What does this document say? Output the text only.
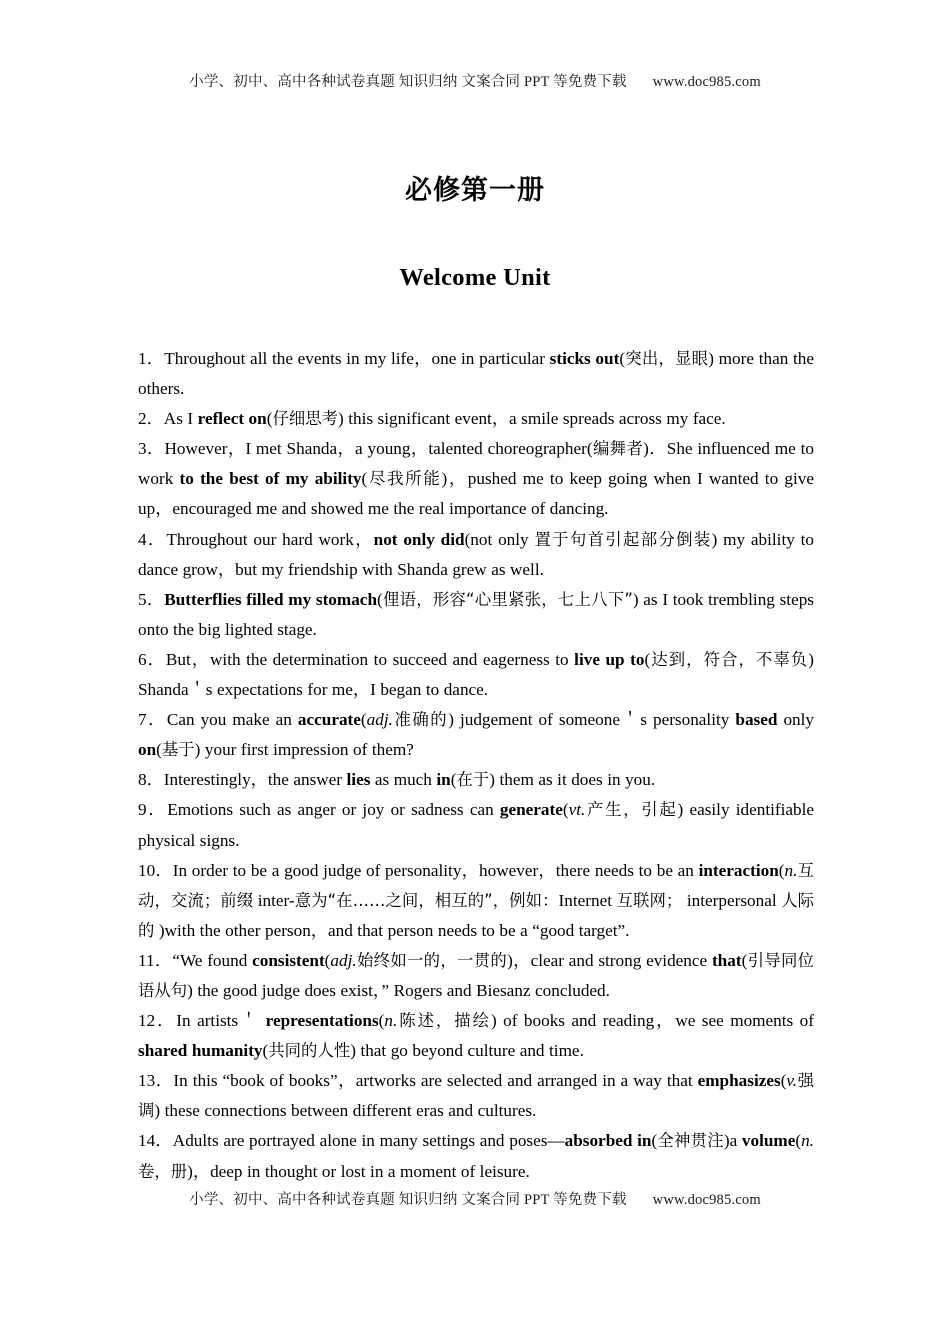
小学、初中、高中各种试卷真题 知识归纳 文案合同 PPT 等免费下载 www.doc985.com
必修第一册
Welcome Unit

1．Throughout all the events in my life，one in particular sticks out(突出，显眼) more than the others.

2．As I reflect on(仔细思考) this significant event，a smile spreads across my face.

3．However，I met Shanda，a young，talented choreographer(编舞者)．She influenced me to work to the best of my ability(尽我所能)，pushed me to keep going when I wanted to give up，encouraged me and showed me the real importance of dancing.

4．Throughout our hard work，not only did(not only 置于句首引起部分倒装) my ability to dance grow，but my friendship with Shanda grew as well.

5．Butterflies filled my stomach(俚语，形容“心里紧张，七上八下”) as I took trembling steps onto the big lighted stage.

6．But，with the determination to succeed and eagerness to live up to(达到，符合，不辜负) Shanda＇s expectations for me，I began to dance.

7．Can you make an accurate(adj.准确的) judgement of someone＇s personality based only on(基于) your first impression of them?

8．Interestingly，the answer lies as much in(在于) them as it does in you.

9．Emotions such as anger or joy or sadness can generate(vt.产生，引起) easily identifiable physical signs.

10．In order to be a good judge of personality，however，there needs to be an interaction(n.互动，交流；前缀 inter-意为“在……之间，相互的”，例如：Internet 互联网； interpersonal 人际的 )with the other person，and that person needs to be a “good target”.

11．“We found consistent(adj.始终如一的，一贯的)，clear and strong evidence that(引导同位语从句) the good judge does exist，” Rogers and Biesanz concluded.

12．In artists＇ representations(n.陈述，描绘) of books and reading，we see moments of shared humanity(共同的人性) that go beyond culture and time.

13．In this “book of books”，artworks are selected and arranged in a way that emphasizes(v.强调) these connections between different eras and cultures.

14．Adults are portrayed alone in many settings and poses—absorbed in(全神贯注)a volume(n.卷，册)，deep in thought or lost in a moment of leisure.

小学、初中、高中各种试卷真题 知识归纳 文案合同 PPT 等免费下载 www.doc985.com
